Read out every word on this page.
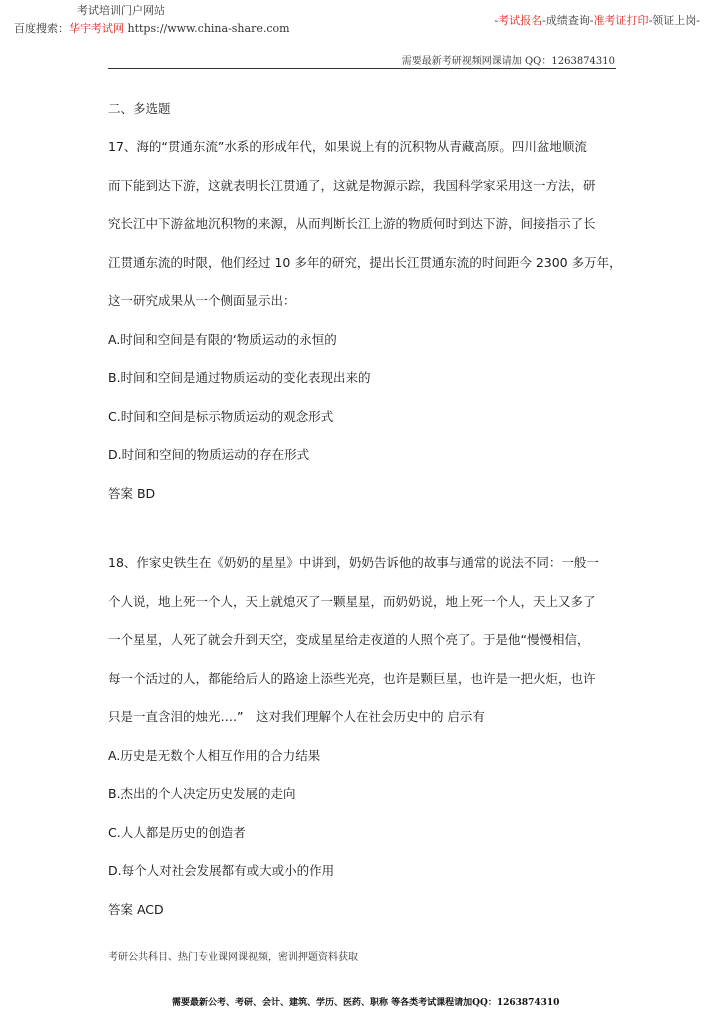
考试培训门户网站
百度搜索：华宇考试网 https://www.china-share.com
-考试报名-成绩查询-准考证打印-领证上岗-
需要最新考研视频网课请加 QQ：1263874310
二、多选题
17、海的“贯通东流”水系的形成年代，如果说上有的沉积物从青藏高原。四川盆地顺流
而下能到达下游，这就表明长江贯通了，这就是物源示踪，我国科学家采用这一方法，研
究长江中下游盆地沉积物的来源，从而判断长江上游的物质何时到达下游，间接指示了长
江贯通东流的时限，他们经过 10 多年的研究，提出长江贯通东流的时间距今 2300 多万年，
这一研究成果从一个侧面显示出：
A.时间和空间是有限的‘物质运动的永恒的
B.时间和空间是通过物质运动的变化表现出来的
C.时间和空间是标示物质运动的观念形式
D.时间和空间的物质运动的存在形式
答案 BD
18、作家史铁生在《奶奶的星星》中讲到，奶奶告诉他的故事与通常的说法不同：一般一
个人说，地上死一个人，天上就熄灭了一颗星星，而奶奶说，地上死一个人，天上又多了
一个星星，人死了就会升到天空，变成星星给走夜道的人照个亮了。于是他“慢慢相信，
每一个活过的人，都能给后人的路途上添些光亮，也许是颗巨星，也许是一把火炬，也许
只是一直含泪的烛光….”　这对我们理解个人在社会历史中的 启示有
A.历史是无数个人相互作用的合力结果
B.杰出的个人决定历史发展的走向
C.人人都是历史的创造者
D.每个人对社会发展都有或大或小的作用
答案 ACD
考研公共科目、热门专业课网课视频，密训押题资料获取
需要最新公考、考研、会计、建筑、学历、医药、职称 等各类考试课程请加QQ：1263874310
